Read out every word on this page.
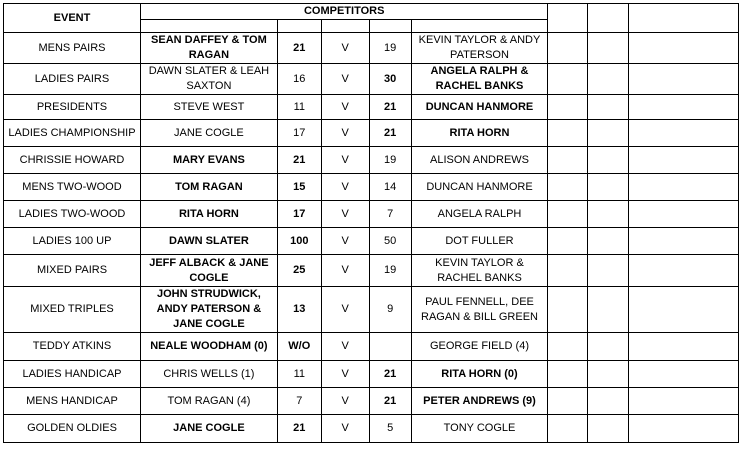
EVENT	COMPETITORS							

MENS PAIRS	SEAN DAFFEY & TOM RAGAN	21	V	19	KEVIN TAYLOR & ANDY PATERSON			
LADIES PAIRS	DAWN SLATER & LEAH SAXTON	16	V	30	ANGELA RALPH & RACHEL BANKS			
PRESIDENTS	STEVE WEST	11	V	21	DUNCAN HANMORE			
LADIES CHAMPIONSHIP	JANE COGLE	17	V	21	RITA HORN			
CHRISSIE HOWARD	MARY EVANS	21	V	19	ALISON ANDREWS			
MENS TWO-WOOD	TOM RAGAN	15	V	14	DUNCAN HANMORE			
LADIES TWO-WOOD	RITA HORN	17	V	7	ANGELA RALPH			
LADIES 100 UP	DAWN SLATER	100	V	50	DOT FULLER			
MIXED PAIRS	JEFF ALBACK & JANE COGLE	25	V	19	KEVIN TAYLOR & RACHEL BANKS			
MIXED TRIPLES	JOHN STRUDWICK, ANDY PATERSON & JANE COGLE	13	V	9	PAUL FENNELL, DEE RAGAN & BILL GREEN			
TEDDY ATKINS	NEALE WOODHAM (0)	W/O	V		GEORGE FIELD (4)			
LADIES HANDICAP	CHRIS WELLS (1)	11	V	21	RITA HORN (0)			
MENS HANDICAP	TOM RAGAN (4)	7	V	21	PETER ANDREWS (9)			
GOLDEN OLDIES	JANE COGLE	21	V	5	TONY COGLE			
